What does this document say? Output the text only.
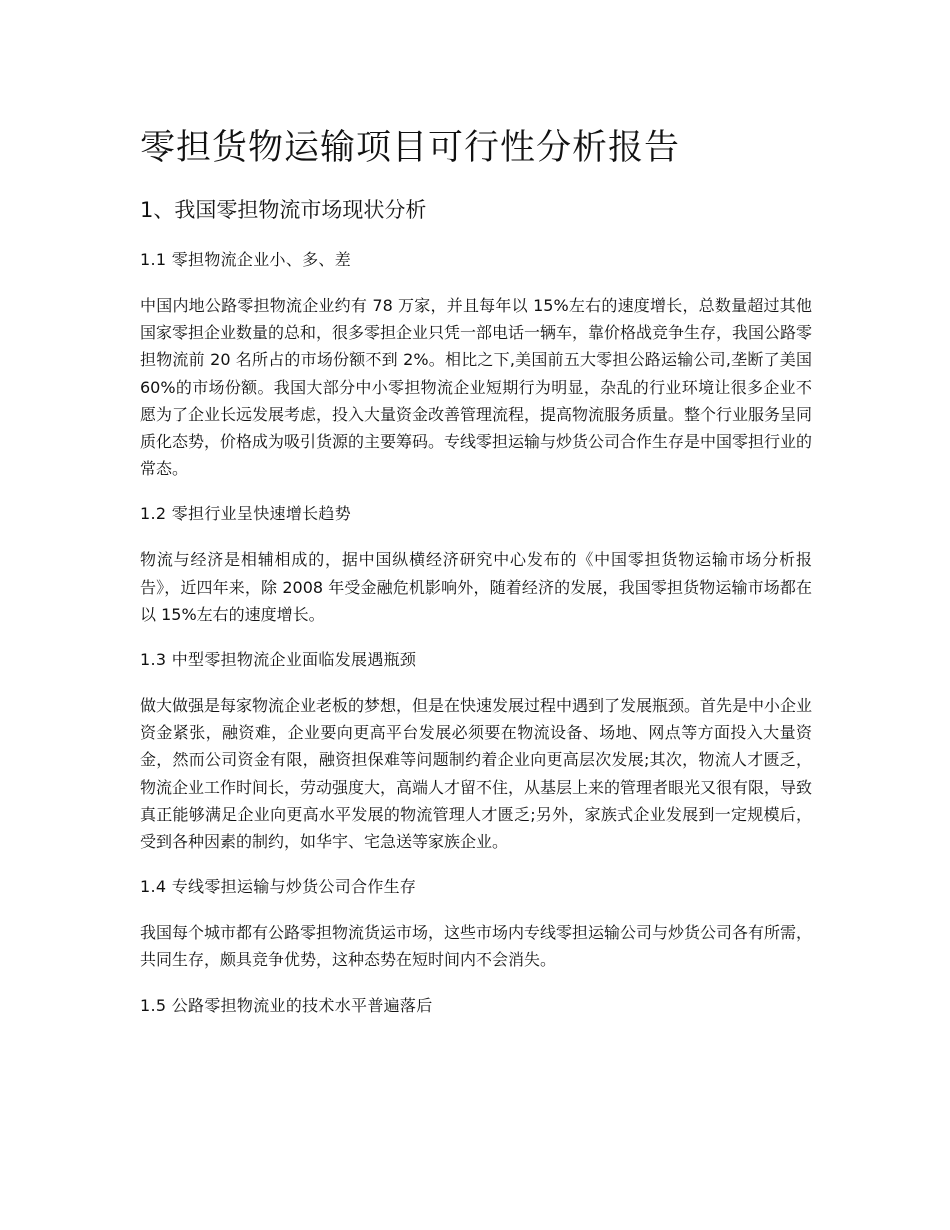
零担货物运输项目可行性分析报告
1、我国零担物流市场现状分析
1.1 零担物流企业小、多、差

中国内地公路零担物流企业约有 78 万家，并且每年以 15%左右的速度增长，总数量超过其他国家零担企业数量的总和，很多零担企业只凭一部电话一辆车，靠价格战竞争生存，我国公路零担物流前 20 名所占的市场份额不到 2%。相比之下,美国前五大零担公路运输公司,垄断了美国 60%的市场份额。我国大部分中小零担物流企业短期行为明显，杂乱的行业环境让很多企业不愿为了企业长远发展考虑，投入大量资金改善管理流程，提高物流服务质量。整个行业服务呈同质化态势，价格成为吸引货源的主要筹码。专线零担运输与炒货公司合作生存是中国零担行业的常态。

1.2 零担行业呈快速增长趋势

物流与经济是相辅相成的，据中国纵横经济研究中心发布的《中国零担货物运输市场分析报告》，近四年来，除 2008 年受金融危机影响外，随着经济的发展，我国零担货物运输市场都在以 15%左右的速度增长。

1.3 中型零担物流企业面临发展遇瓶颈

做大做强是每家物流企业老板的梦想，但是在快速发展过程中遇到了发展瓶颈。首先是中小企业资金紧张，融资难，企业要向更高平台发展必须要在物流设备、场地、网点等方面投入大量资金，然而公司资金有限，融资担保难等问题制约着企业向更高层次发展;其次，物流人才匮乏，物流企业工作时间长，劳动强度大，高端人才留不住，从基层上来的管理者眼光又很有限，导致真正能够满足企业向更高水平发展的物流管理人才匮乏;另外，家族式企业发展到一定规模后，受到各种因素的制约，如华宇、宅急送等家族企业。

1.4 专线零担运输与炒货公司合作生存

我国每个城市都有公路零担物流货运市场，这些市场内专线零担运输公司与炒货公司各有所需，共同生存，颇具竞争优势，这种态势在短时间内不会消失。

1.5 公路零担物流业的技术水平普遍落后
